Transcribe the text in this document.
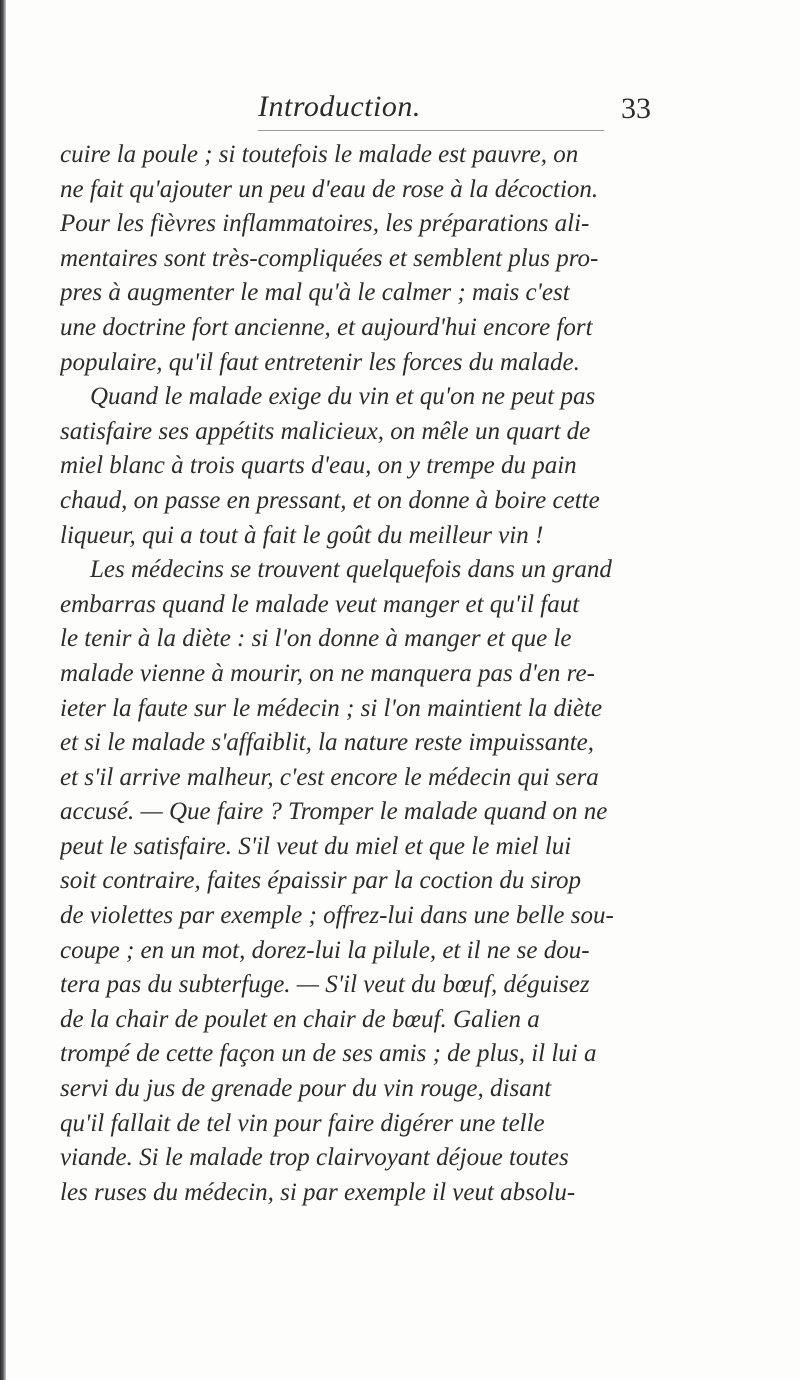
Introduction.	33
cuire la poule ; si toutefois le malade est pauvre, on
ne fait qu'ajouter un peu d'eau de rose à la décoction.
Pour les fièvres inflammatoires, les préparations ali-
mentaires sont très-compliquées et semblent plus pro-
pres à augmenter le mal qu'à le calmer ; mais c'est
une doctrine fort ancienne, et aujourd'hui encore fort
populaire, qu'il faut entretenir les forces du malade.
Quand le malade exige du vin et qu'on ne peut pas
satisfaire ses appétits malicieux, on mêle un quart de
miel blanc à trois quarts d'eau, on y trempe du pain
chaud, on passe en pressant, et on donne à boire cette
liqueur, qui a tout à fait le goût du meilleur vin !
Les médecins se trouvent quelquefois dans un grand
embarras quand le malade veut manger et qu'il faut
le tenir à la diète : si l'on donne à manger et que le
malade vienne à mourir, on ne manquera pas d'en re-
ieter la faute sur le médecin ; si l'on maintient la diète
et si le malade s'affaiblit, la nature reste impuissante,
et s'il arrive malheur, c'est encore le médecin qui sera
accusé. — Que faire ? Tromper le malade quand on ne
peut le satisfaire. S'il veut du miel et que le miel lui
soit contraire, faites épaissir par la coction du sirop
de violettes par exemple ; offrez-lui dans une belle sou-
coupe ; en un mot, dorez-lui la pilule, et il ne se dou-
tera pas du subterfuge. — S'il veut du bœuf, déguisez
de la chair de poulet en chair de bœuf. Galien a
trompé de cette façon un de ses amis ; de plus, il lui a
servi du jus de grenade pour du vin rouge, disant
qu'il fallait de tel vin pour faire digérer une telle
viande. Si le malade trop clairvoyant déjoue toutes
les ruses du médecin, si par exemple il veut absolu-
